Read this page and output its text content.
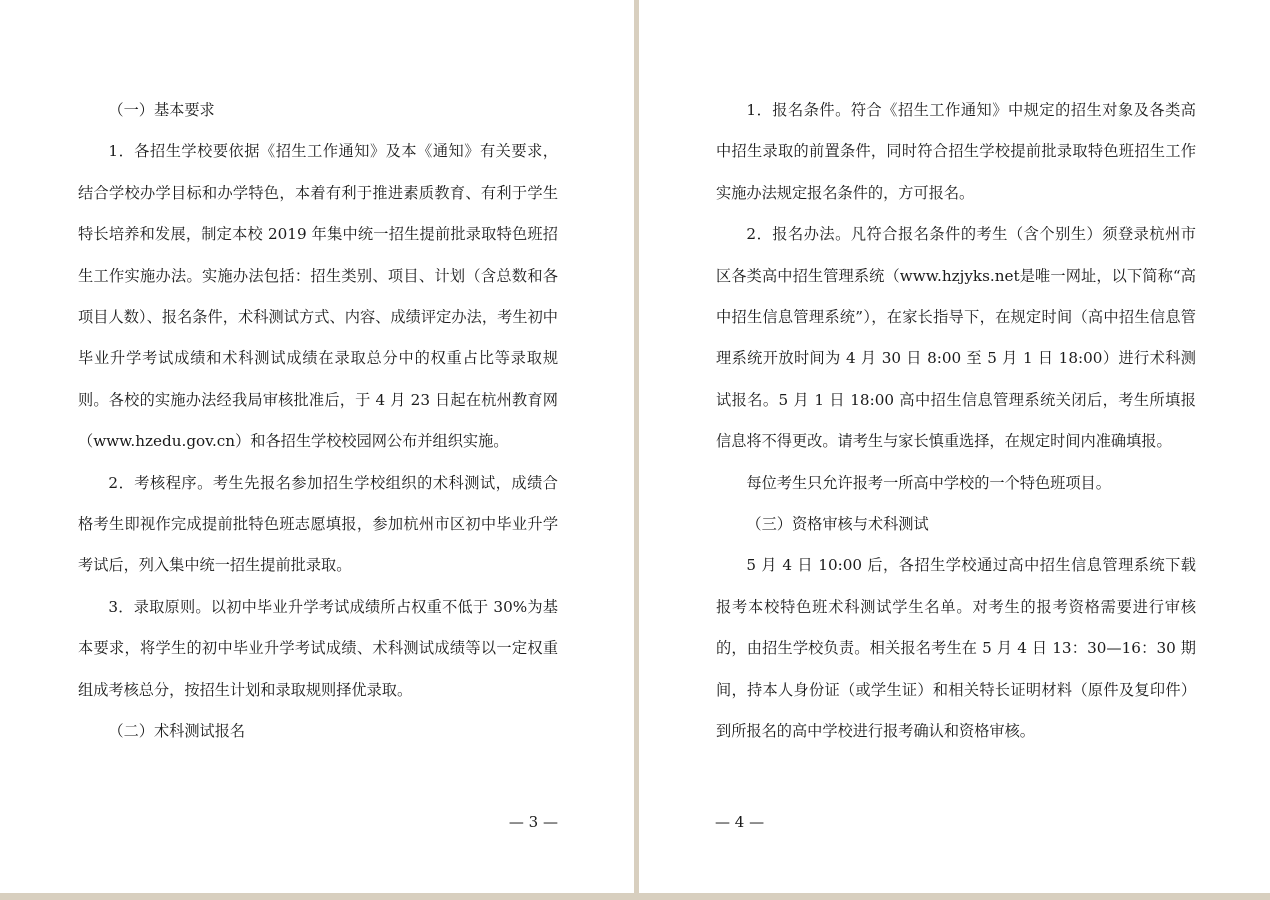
（一）基本要求

1．各招生学校要依据《招生工作通知》及本《通知》有关要求，结合学校办学目标和办学特色，本着有利于推进素质教育、有利于学生特长培养和发展，制定本校 2019 年集中统一招生提前批录取特色班招生工作实施办法。实施办法包括：招生类别、项目、计划（含总数和各项目人数）、报名条件，术科测试方式、内容、成绩评定办法，考生初中毕业升学考试成绩和术科测试成绩在录取总分中的权重占比等录取规则。各校的实施办法经我局审核批准后，于 4 月 23 日起在杭州教育网（www.hzedu.gov.cn）和各招生学校校园网公布并组织实施。

2．考核程序。考生先报名参加招生学校组织的术科测试，成绩合格考生即视作完成提前批特色班志愿填报，参加杭州市区初中毕业升学考试后，列入集中统一招生提前批录取。

3．录取原则。以初中毕业升学考试成绩所占权重不低于 30%为基本要求，将学生的初中毕业升学考试成绩、术科测试成绩等以一定权重组成考核总分，按招生计划和录取规则择优录取。

（二）术科测试报名

— 3 —

1．报名条件。符合《招生工作通知》中规定的招生对象及各类高中招生录取的前置条件，同时符合招生学校提前批录取特色班招生工作实施办法规定报名条件的，方可报名。

2．报名办法。凡符合报名条件的考生（含个别生）须登录杭州市区各类高中招生管理系统（www.hzjyks.net是唯一网址，以下简称“高中招生信息管理系统”），在家长指导下，在规定时间（高中招生信息管理系统开放时间为 4 月 30 日 8:00 至 5 月 1 日 18:00）进行术科测试报名。5 月 1 日 18:00 高中招生信息管理系统关闭后，考生所填报信息将不得更改。请考生与家长慎重选择，在规定时间内准确填报。

每位考生只允许报考一所高中学校的一个特色班项目。

（三）资格审核与术科测试

5 月 4 日 10:00 后，各招生学校通过高中招生信息管理系统下载报考本校特色班术科测试学生名单。对考生的报考资格需要进行审核的，由招生学校负责。相关报名考生在 5 月 4 日 13：30—16：30 期间，持本人身份证（或学生证）和相关特长证明材料（原件及复印件）到所报名的高中学校进行报考确认和资格审核。

— 4 —
